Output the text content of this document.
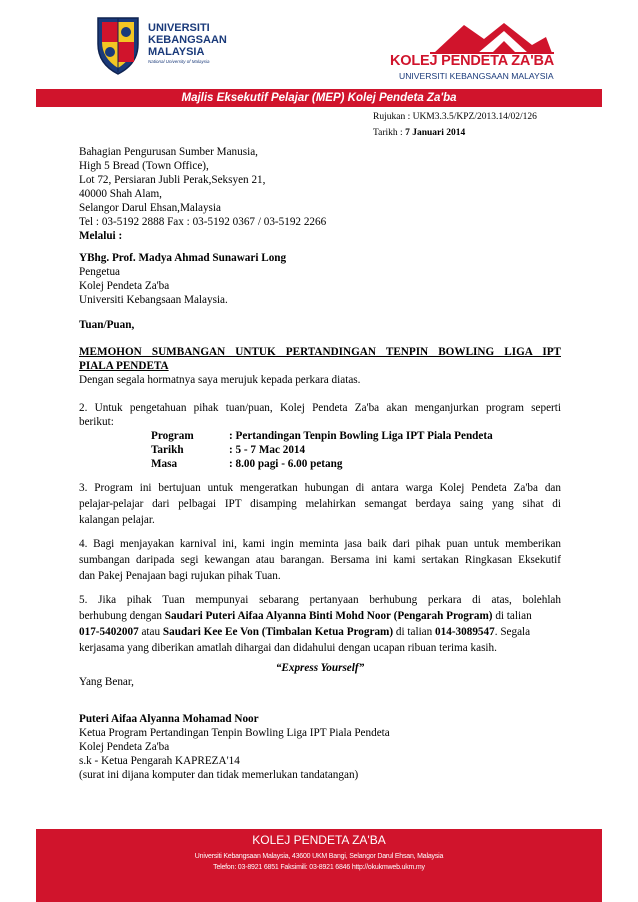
UNIVERSITI
KEBANGSAAN
MALAYSIA
National University of Malaysia	KOLEJ PENDETA ZA'BA
UNIVERSITI KEBANGSAAN MALAYSIA
Majlis Eksekutif Pelajar (MEP) Kolej Pendeta Za'ba
Rujukan : UKM3.3.5/KPZ/2013.14/02/126
Tarikh : 7 Januari 2014
Bahagian Pengurusan Sumber Manusia,
High 5 Bread (Town Office),
Lot 72, Persiaran Jubli Perak,Seksyen 21,
40000 Shah Alam,
Selangor Darul Ehsan,Malaysia
Tel : 03-5192 2888 Fax : 03-5192 0367 / 03-5192 2266
Melalui :
YBhg. Prof. Madya Ahmad Sunawari Long
Pengetua
Kolej Pendeta Za'ba
Universiti Kebangsaan Malaysia.
Tuan/Puan,
MEMOHON SUMBANGAN UNTUK PERTANDINGAN TENPIN BOWLING LIGA IPT
PIALA PENDETA
Dengan segala hormatnya saya merujuk kepada perkara diatas.
2. Untuk pengetahuan pihak tuan/puan, Kolej Pendeta Za'ba akan menganjurkan program seperti
berikut:
Program	: Pertandingan Tenpin Bowling Liga IPT Piala Pendeta
Tarikh	: 5 - 7 Mac 2014
Masa	: 8.00 pagi - 6.00 petang
3. Program ini bertujuan untuk mengeratkan hubungan di antara warga Kolej Pendeta Za'ba dan
pelajar-pelajar dari pelbagai IPT disamping melahirkan semangat berdaya saing yang sihat di
kalangan pelajar.
4. Bagi menjayakan karnival ini, kami ingin meminta jasa baik dari pihak puan untuk memberikan
sumbangan daripada segi kewangan atau barangan. Bersama ini kami sertakan Ringkasan Eksekutif
dan Pakej Penajaan bagi rujukan pihak Tuan.
5. Jika pihak Tuan mempunyai sebarang pertanyaan berhubung perkara di atas, bolehlah
berhubung dengan Saudari Puteri Aifaa Alyanna Binti Mohd Noor (Pengarah Program) di talian
017-5402007 atau Saudari Kee Ee Von (Timbalan Ketua Program) di talian 014-3089547. Segala
kerjasama yang diberikan amatlah dihargai dan didahului dengan ucapan ribuan terima kasih.
“Express Yourself”
Yang Benar,
Puteri Aifaa Alyanna Mohamad Noor
Ketua Program Pertandingan Tenpin Bowling Liga IPT Piala Pendeta
Kolej Pendeta Za'ba
s.k - Ketua Pengarah KAPREZA'14
(surat ini dijana komputer dan tidak memerlukan tandatangan)
KOLEJ PENDETA ZA'BA
Universiti Kebangsaan Malaysia, 43600 UKM Bangi, Selangor Darul Ehsan, Malaysia
Telefon: 03-8921 6851 Faksimili: 03-8921 6846 http://okukmweb.ukm.my
